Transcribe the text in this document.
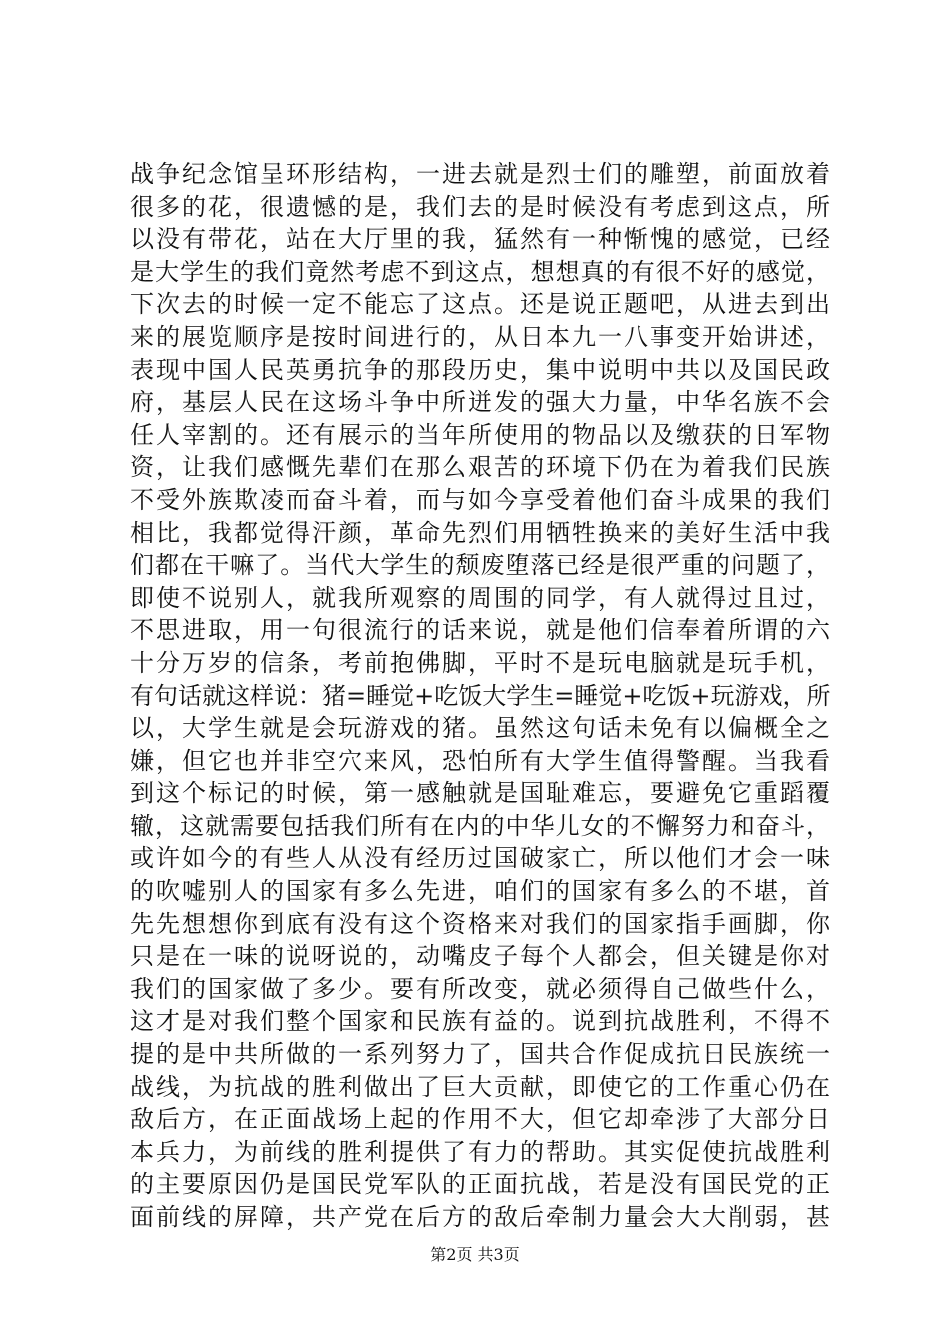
战争纪念馆呈环形结构，一进去就是烈士们的雕塑，前面放着
很多的花，很遗憾的是，我们去的是时候没有考虑到这点，所
以没有带花，站在大厅里的我，猛然有一种惭愧的感觉，已经
是大学生的我们竟然考虑不到这点，想想真的有很不好的感觉，
下次去的时候一定不能忘了这点。还是说正题吧，从进去到出
来的展览顺序是按时间进行的，从日本九一八事变开始讲述，
表现中国人民英勇抗争的那段历史，集中说明中共以及国民政
府，基层人民在这场斗争中所迸发的强大力量，中华名族不会
任人宰割的。还有展示的当年所使用的物品以及缴获的日军物
资，让我们感慨先辈们在那么艰苦的环境下仍在为着我们民族
不受外族欺凌而奋斗着，而与如今享受着他们奋斗成果的我们
相比，我都觉得汗颜，革命先烈们用牺牲换来的美好生活中我
们都在干嘛了。当代大学生的颓废堕落已经是很严重的问题了，
即使不说别人，就我所观察的周围的同学，有人就得过且过，
不思进取，用一句很流行的话来说，就是他们信奉着所谓的六
十分万岁的信条，考前抱佛脚，平时不是玩电脑就是玩手机，
有句话就这样说：猪=睡觉+吃饭大学生=睡觉+吃饭+玩游戏，所
以，大学生就是会玩游戏的猪。虽然这句话未免有以偏概全之
嫌，但它也并非空穴来风，恐怕所有大学生值得警醒。当我看
到这个标记的时候，第一感触就是国耻难忘，要避免它重蹈覆
辙，这就需要包括我们所有在内的中华儿女的不懈努力和奋斗，
或许如今的有些人从没有经历过国破家亡，所以他们才会一味
的吹嘘别人的国家有多么先进，咱们的国家有多么的不堪，首
先先想想你到底有没有这个资格来对我们的国家指手画脚，你
只是在一味的说呀说的，动嘴皮子每个人都会，但关键是你对
我们的国家做了多少。要有所改变，就必须得自己做些什么，
这才是对我们整个国家和民族有益的。说到抗战胜利，不得不
提的是中共所做的一系列努力了，国共合作促成抗日民族统一
战线，为抗战的胜利做出了巨大贡献，即使它的工作重心仍在
敌后方，在正面战场上起的作用不大，但它却牵涉了大部分日
本兵力，为前线的胜利提供了有力的帮助。其实促使抗战胜利
的主要原因仍是国民党军队的正面抗战，若是没有国民党的正
面前线的屏障，共产党在后方的敌后牵制力量会大大削弱，甚
第2页 共3页
